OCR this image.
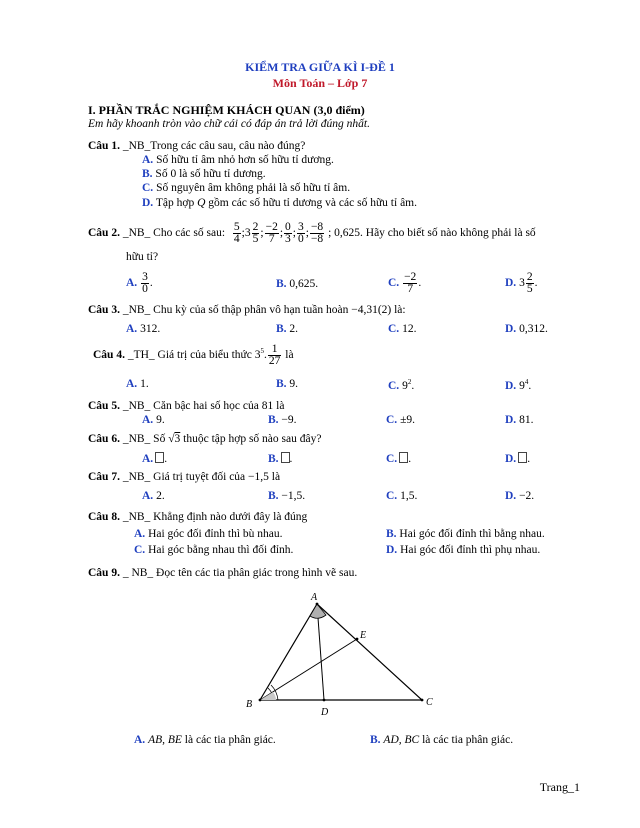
KIỂM TRA GIỮA KÌ I-ĐỀ 1
Môn Toán – Lớp 7
I. PHẦN TRẮC NGHIỆM KHÁCH QUAN (3,0 điểm)
Em hãy khoanh tròn vào chữ cái có đáp án trả lời đúng nhất.
Câu 1. _NB_Trong các câu sau, câu nào đúng?
A. Số hữu tỉ âm nhỏ hơn số hữu tỉ dương.
B. Số 0 là số hữu tỉ dương.
C. Số nguyên âm không phải là số hữu tỉ âm.
D. Tập hợp Q gồm các số hữu tỉ dương và các số hữu tỉ âm.
Câu 2. _NB_ Cho các số sau: $\frac{5}{4}$ ;3 $\frac{2}{5}$ ; $\frac{-2}{7}$ ; $\frac{0}{3}$ ; $\frac{3}{0}$ ; $\frac{-8}{-8}$ ; 0,625. Hãy cho biết số nào không phải là số
hữu tỉ?
A. $\frac{3}{0}$ .	B. 0,625.	C. $\frac{-2}{7}$ .	D. $3 \frac{2}{5}$ .
Câu 3. _NB_ Chu kỳ của số thập phân vô hạn tuần hoàn −4,31(2) là:
A. 312.	B. 2.	C. 12.	D. 0,312.
Câu 4. _TH_ Giá trị của biểu thức $3^5$. $\frac{1}{27}$ là
A. 1.	B. 9.	C. $9^2$.	D. $9^4$.
Câu 5. _NB_ Căn bậc hai số học của 81 là
A. 9.	B. −9.	C. ±9.	D. 81.
Câu 6. _NB_ Số √3 thuộc tập hợp số nào sau đây?
A. .	B. .	C. .	D. .
Câu 7. _NB_ Giá trị tuyệt đối của −1,5 là
A. 2.	B. −1,5.	C. 1,5.	D. −2.
Câu 8. _NB_ Khẳng định nào dưới đây là đúng
A. Hai góc đối đỉnh thì bù nhau.	B. Hai góc đối đỉnh thì bằng nhau.
C. Hai góc bằng nhau thì đối đỉnh.	D. Hai góc đối đỉnh thì phụ nhau.
Câu 9. _ NB_ Đọc tên các tia phân giác trong hình vẽ sau.
A
B	C
D
E
A. AB, BE là các tia phân giác.	B. AD, BC là các tia phân giác.
Trang_1
